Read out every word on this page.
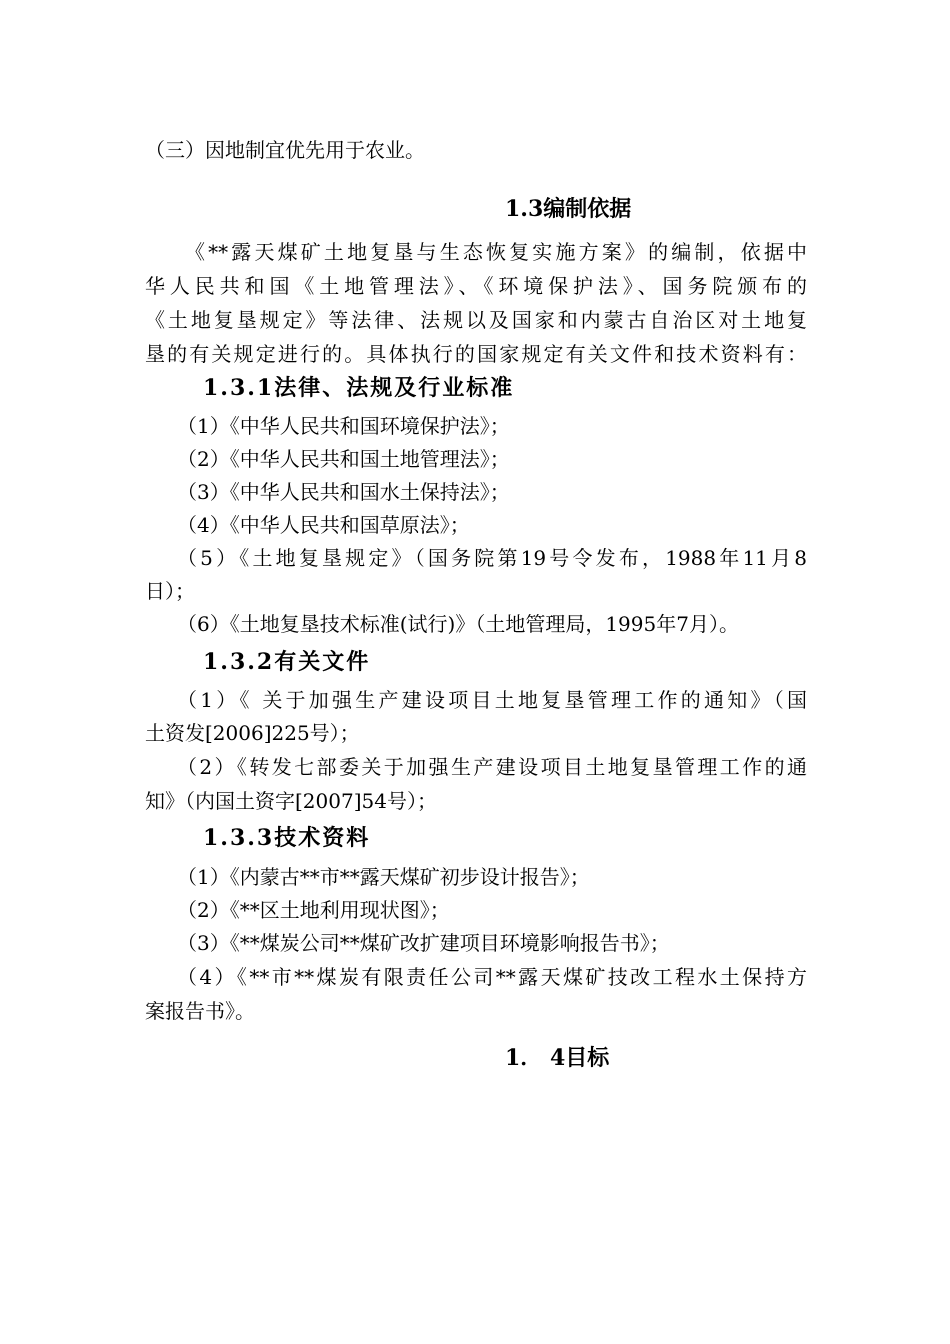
（三）因地制宜优先用于农业。
1.3编制依据
《**露天煤矿土地复垦与生态恢复实施方案》的编制，依据中
华人民共和国《土地管理法》、《环境保护法》、国务院颁布的
《土地复垦规定》等法律、法规以及国家和内蒙古自治区对土地复
垦的有关规定进行的。具体执行的国家规定有关文件和技术资料有：
1.3.1法律、法规及行业标准
（1）《中华人民共和国环境保护法》；
（2）《中华人民共和国土地管理法》；
（3）《中华人民共和国水土保持法》；
（4）《中华人民共和国草原法》；
（5）《土地复垦规定》（国务院第19号令发布，1988年11月8
日）；
（6）《土地复垦技术标准(试行)》（土地管理局，1995年7月）。
1.3.2有关文件
（1）《 关于加强生产建设项目土地复垦管理工作的通知》（国
土资发[2006]225号）；
（2）《转发七部委关于加强生产建设项目土地复垦管理工作的通
知》（内国土资字[2007]54号）；
1.3.3技术资料
（1）《内蒙古**市**露天煤矿初步设计报告》；
（2）《**区土地利用现状图》；
（3）《**煤炭公司**煤矿改扩建项目环境影响报告书》；
（4）《**市**煤炭有限责任公司**露天煤矿技改工程水土保持方
案报告书》。
1． 4目标
